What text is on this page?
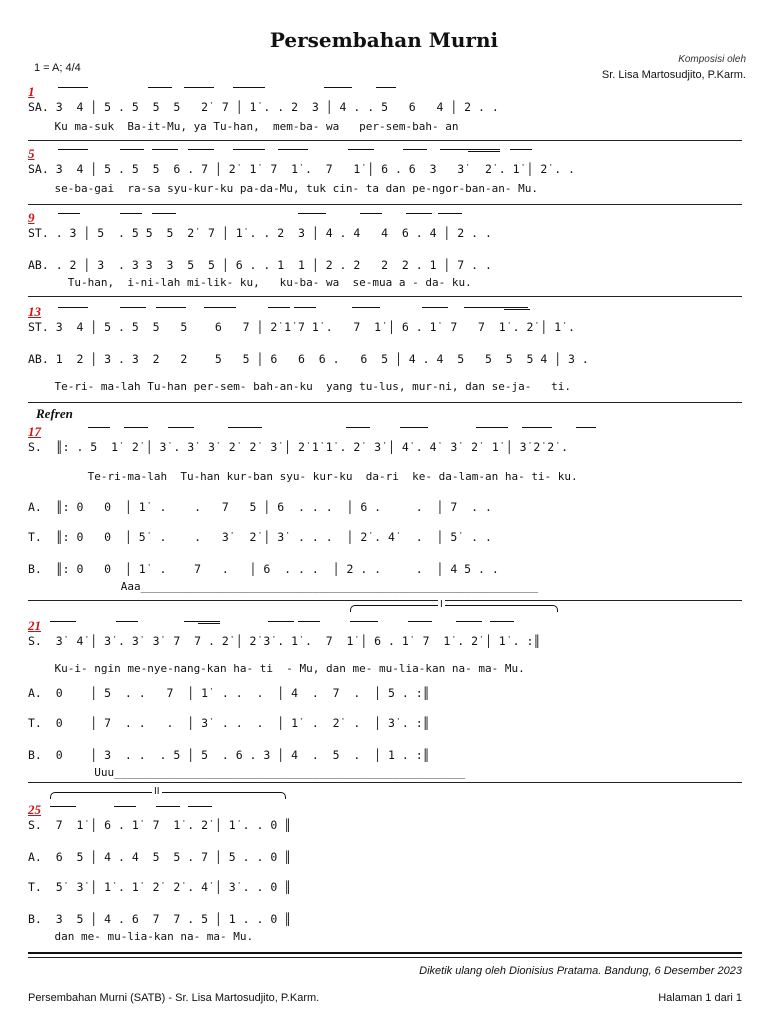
Persembahan Murni
1 = A; 4/4
Komposisi oleh
Sr. Lisa Martosudjito, P.Karm.
1
SA. 3  4 │ 5 . 5  5  5   2̇  7 │ 1̇ . . 2  3 │ 4 . . 5   6   4 │ 2 . .
Ku ma-suk  Ba-it-Mu, ya Tu-han,  mem-ba- wa   per-sem-bah- an
5
SA. 3  4 │ 5 . 5  5  6 . 7 │ 2̇  1̇  7  1̇ .  7   1̇ │ 6 . 6  3   3̇   2̇ . 1̇ │ 2̇ . .
se-ba-gai  ra-sa syu-kur-ku pa-da-Mu, tuk cin- ta dan pe-ngor-ban-an- Mu.
9
ST. . 3 │ 5  . 5 5  5  2̇  7 │ 1̇ . . 2  3 │ 4 . 4   4  6 . 4 │ 2 . .
AB. . 2 │ 3  . 3 3  3  5  5 │ 6 . . 1  1 │ 2 . 2   2  2 . 1 │ 7 . .
Tu-han,  i-ni-lah mi-lik- ku,   ku-ba- wa  se-mua a - da- ku.
13
ST. 3  4 │ 5 . 5  5   5    6   7 │ 2̇ 1̇ 7 1̇ .   7  1̇ │ 6 . 1̇  7   7  1̇ . 2̇ │ 1̇ .
AB. 1  2 │ 3 . 3  2   2    5   5 │ 6   6  6 .   6  5 │ 4 . 4  5   5  5  5 4 │ 3 .
Te-ri- ma-lah Tu-han per-sem- bah-an-ku  yang tu-lus, mur-ni, dan se-ja-   ti.
Refren
17
S.  ║: . 5  1̇  2̇ │ 3̇ . 3̇  3̇  2̇  2̇  3̇ │ 2̇ 1̇ 1̇ . 2̇  3̇ │ 4̇ . 4̇  3̇  2̇  1̇ │ 3̇ 2̇ 2̇ .
Te-ri-ma-lah  Tu-han kur-ban syu- kur-ku  da-ri  ke- da-lam-an ha- ti- ku.
A.  ║: 0   0  │ 1̇  .    .   7   5 │ 6  . . .  │ 6 .     .  │ 7  . .
T.  ║: 0   0  │ 5̇  .    .   3̇   2̇ │ 3̇  . . .  │ 2̇ . 4̇   .  │ 5̇  . .
B.  ║: 0   0  │ 1̇  .    7   .   │ 6  . . .  │ 2 . .     .  │ 4 5 . .
Aaa____________________________________________________________
I
21
S.  3̇  4̇ │ 3̇ . 3̇  3̇  7  7 . 2̇ │ 2̇ 3̇ . 1̇ .  7  1̇ │ 6 . 1̇  7  1̇ . 2̇ │ 1̇ . :║
Ku-i- ngin me-nye-nang-kan ha- ti  - Mu, dan me- mu-lia-kan na- ma- Mu.
A.  0    │ 5  . .   7  │ 1̇  . .  .  │ 4  .  7  .  │ 5 . :║
T.  0    │ 7  . .   .  │ 3̇  . .  .  │ 1̇  .  2̇  .  │ 3̇ . :║
B.  0    │ 3  . .  . 5 │ 5  . 6 . 3 │ 4  .  5  .  │ 1 . :║
Uuu_____________________________________________________
II
25
S.  7  1̇ │ 6 . 1̇  7  1̇ . 2̇ │ 1̇ . . 0 ║
A.  6  5 │ 4 . 4  5  5 . 7 │ 5 . . 0 ║
T.  5̇  3̇ │ 1̇ . 1̇  2̇  2̇ . 4̇ │ 3̇ . . 0 ║
B.  3  5 │ 4 . 6  7  7 . 5 │ 1 . . 0 ║
dan me- mu-lia-kan na- ma- Mu.
Diketik ulang oleh Dionisius Pratama. Bandung, 6 Desember 2023
Persembahan Murni (SATB) - Sr. Lisa Martosudjito, P.Karm.	Halaman 1 dari 1
